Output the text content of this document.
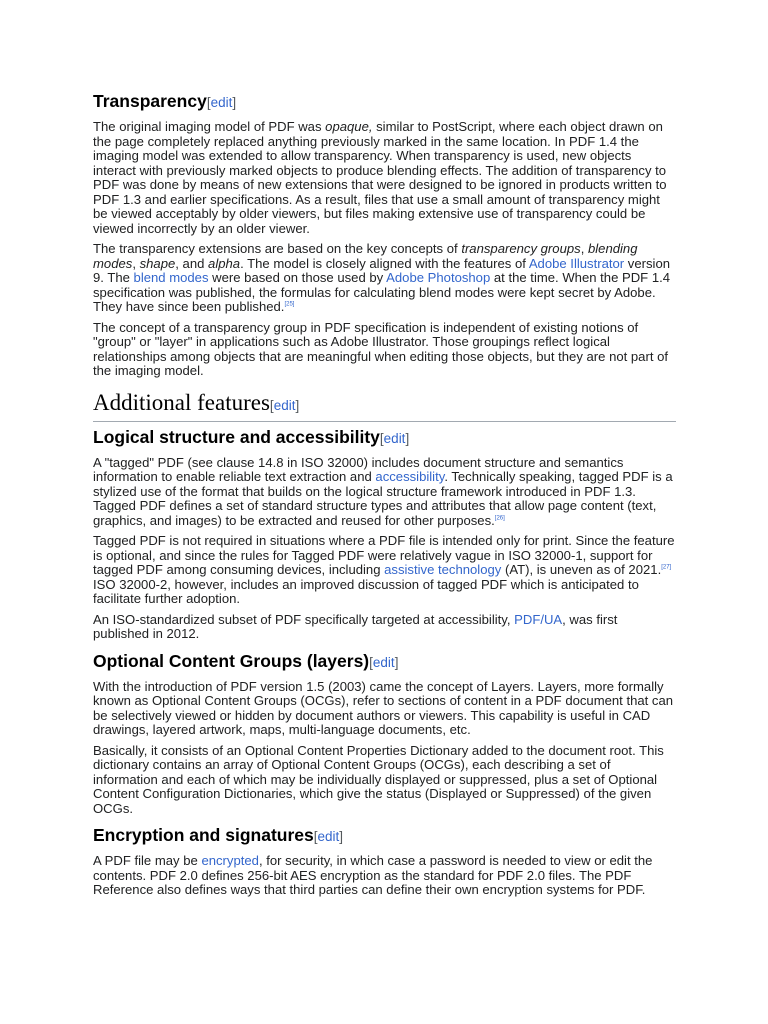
Transparency[edit]

The original imaging model of PDF was opaque, similar to PostScript, where each object drawn on the page completely replaced anything previously marked in the same location. In PDF 1.4 the imaging model was extended to allow transparency. When transparency is used, new objects interact with previously marked objects to produce blending effects. The addition of transparency to PDF was done by means of new extensions that were designed to be ignored in products written to PDF 1.3 and earlier specifications. As a result, files that use a small amount of transparency might be viewed acceptably by older viewers, but files making extensive use of transparency could be viewed incorrectly by an older viewer.

The transparency extensions are based on the key concepts of transparency groups, blending modes, shape, and alpha. The model is closely aligned with the features of Adobe Illustrator version 9. The blend modes were based on those used by Adobe Photoshop at the time. When the PDF 1.4 specification was published, the formulas for calculating blend modes were kept secret by Adobe. They have since been published.[25]

The concept of a transparency group in PDF specification is independent of existing notions of "group" or "layer" in applications such as Adobe Illustrator. Those groupings reflect logical relationships among objects that are meaningful when editing those objects, but they are not part of the imaging model.

Additional features[edit]
Logical structure and accessibility[edit]

A "tagged" PDF (see clause 14.8 in ISO 32000) includes document structure and semantics information to enable reliable text extraction and accessibility. Technically speaking, tagged PDF is a stylized use of the format that builds on the logical structure framework introduced in PDF 1.3. Tagged PDF defines a set of standard structure types and attributes that allow page content (text, graphics, and images) to be extracted and reused for other purposes.[26]

Tagged PDF is not required in situations where a PDF file is intended only for print. Since the feature is optional, and since the rules for Tagged PDF were relatively vague in ISO 32000-1, support for tagged PDF among consuming devices, including assistive technology (AT), is uneven as of 2021.[27] ISO 32000-2, however, includes an improved discussion of tagged PDF which is anticipated to facilitate further adoption.

An ISO-standardized subset of PDF specifically targeted at accessibility, PDF/UA, was first published in 2012.

Optional Content Groups (layers)[edit]

With the introduction of PDF version 1.5 (2003) came the concept of Layers. Layers, more formally known as Optional Content Groups (OCGs), refer to sections of content in a PDF document that can be selectively viewed or hidden by document authors or viewers. This capability is useful in CAD drawings, layered artwork, maps, multi-language documents, etc.

Basically, it consists of an Optional Content Properties Dictionary added to the document root. This dictionary contains an array of Optional Content Groups (OCGs), each describing a set of information and each of which may be individually displayed or suppressed, plus a set of Optional Content Configuration Dictionaries, which give the status (Displayed or Suppressed) of the given OCGs.

Encryption and signatures[edit]

A PDF file may be encrypted, for security, in which case a password is needed to view or edit the contents. PDF 2.0 defines 256-bit AES encryption as the standard for PDF 2.0 files. The PDF Reference also defines ways that third parties can define their own encryption systems for PDF.
